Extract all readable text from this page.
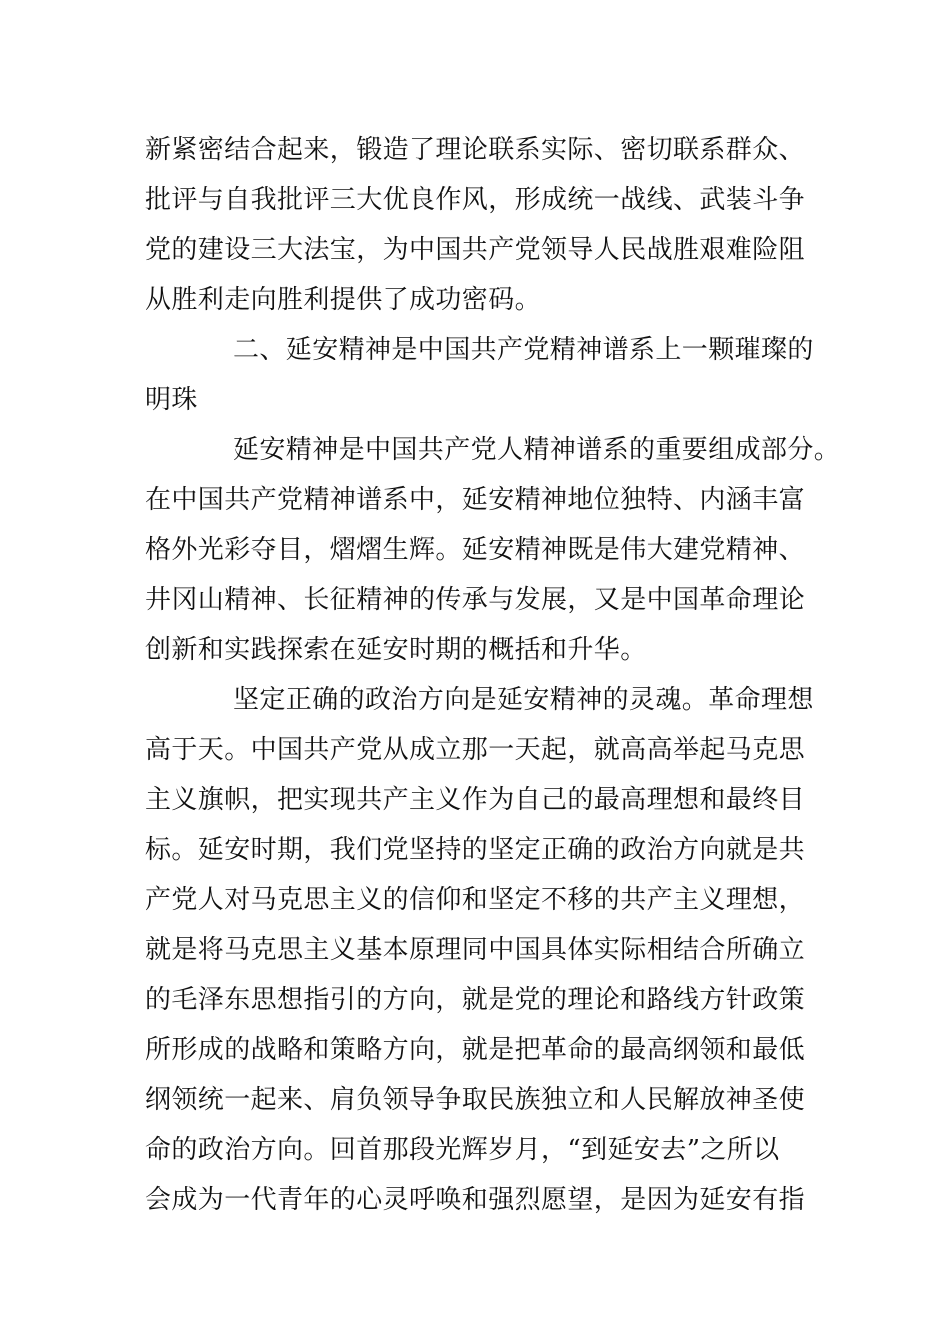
新紧密结合起来，锻造了理论联系实际、密切联系群众、
批评与自我批评三大优良作风，形成统一战线、武装斗争
党的建设三大法宝，为中国共产党领导人民战胜艰难险阻
从胜利走向胜利提供了成功密码。
二、延安精神是中国共产党精神谱系上一颗璀璨的
明珠
延安精神是中国共产党人精神谱系的重要组成部分。
在中国共产党精神谱系中，延安精神地位独特、内涵丰富
格外光彩夺目，熠熠生辉。延安精神既是伟大建党精神、
井冈山精神、长征精神的传承与发展，又是中国革命理论
创新和实践探索在延安时期的概括和升华。
坚定正确的政治方向是延安精神的灵魂。革命理想
高于天。中国共产党从成立那一天起，就高高举起马克思
主义旗帜，把实现共产主义作为自己的最高理想和最终目
标。延安时期，我们党坚持的坚定正确的政治方向就是共
产党人对马克思主义的信仰和坚定不移的共产主义理想，
就是将马克思主义基本原理同中国具体实际相结合所确立
的毛泽东思想指引的方向，就是党的理论和路线方针政策
所形成的战略和策略方向，就是把革命的最高纲领和最低
纲领统一起来、肩负领导争取民族独立和人民解放神圣使
命的政治方向。回首那段光辉岁月，“到延安去”之所以
会成为一代青年的心灵呼唤和强烈愿望，是因为延安有指
